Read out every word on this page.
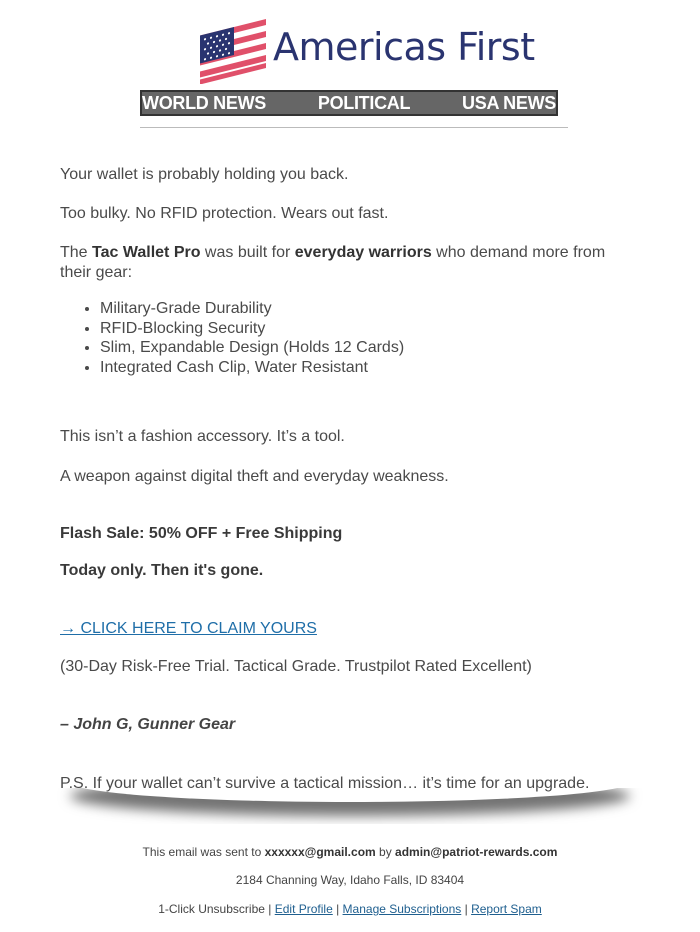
Americas First
WORLD NEWS	POLITICAL	USA NEWS

Your wallet is probably holding you back.

Too bulky. No RFID protection. Wears out fast.

The Tac Wallet Pro was built for everyday warriors who demand more from their gear:

• Military-Grade Durability
• RFID-Blocking Security
• Slim, Expandable Design (Holds 12 Cards)
• Integrated Cash Clip, Water Resistant

This isn’t a fashion accessory. It’s a tool.

A weapon against digital theft and everyday weakness.

Flash Sale: 50% OFF + Free Shipping

Today only. Then it's gone.

→ CLICK HERE TO CLAIM YOURS

(30-Day Risk-Free Trial. Tactical Grade. Trustpilot Rated Excellent)

– John G, Gunner Gear

P.S. If your wallet can’t survive a tactical mission… it’s time for an upgrade.

This email was sent to xxxxxx@gmail.com by admin@patriot-rewards.com
2184 Channing Way, Idaho Falls, ID 83404
1-Click Unsubscribe | Edit Profile | Manage Subscriptions | Report Spam
